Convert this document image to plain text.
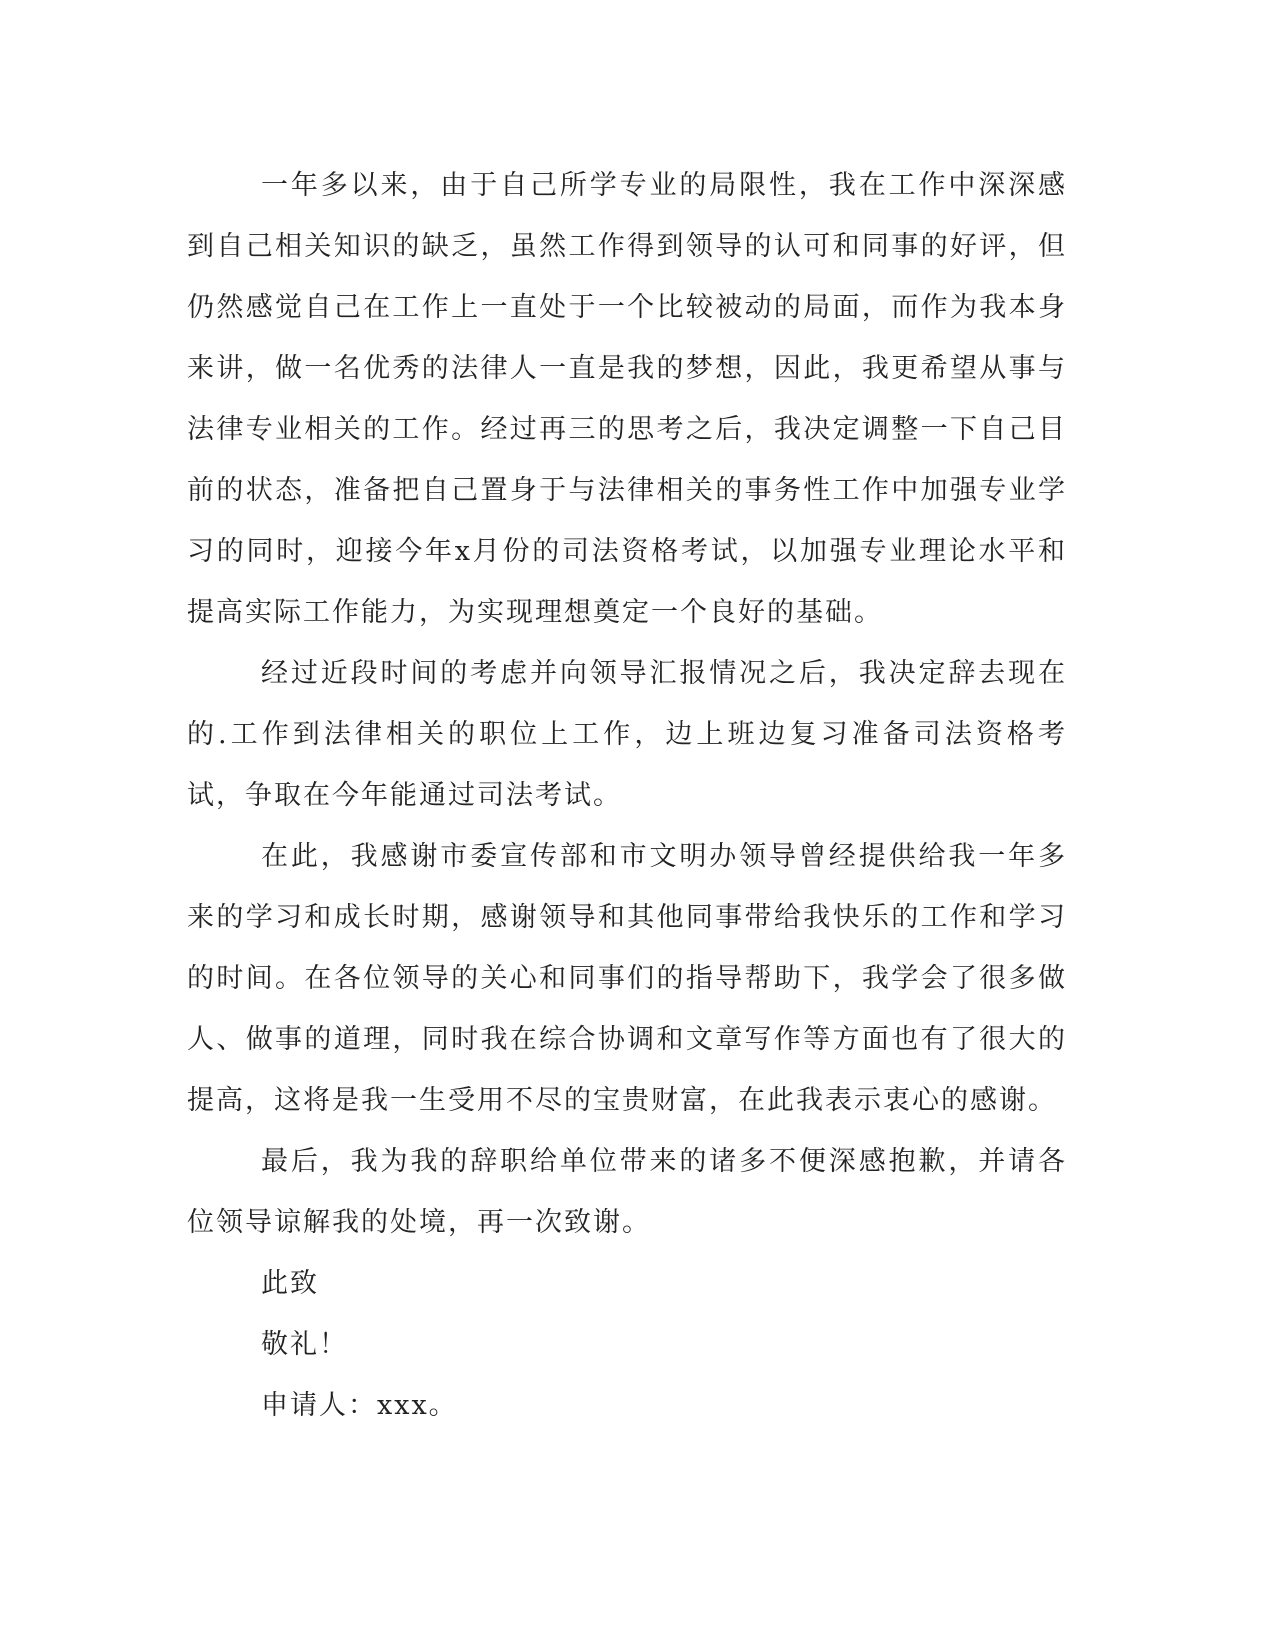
一年多以来，由于自己所学专业的局限性，我在工作中深深感到自己相关知识的缺乏，虽然工作得到领导的认可和同事的好评，但仍然感觉自己在工作上一直处于一个比较被动的局面，而作为我本身来讲，做一名优秀的法律人一直是我的梦想，因此，我更希望从事与法律专业相关的工作。经过再三的思考之后，我决定调整一下自己目前的状态，准备把自己置身于与法律相关的事务性工作中加强专业学习的同时，迎接今年x月份的司法资格考试，以加强专业理论水平和提高实际工作能力，为实现理想奠定一个良好的基础。

经过近段时间的考虑并向领导汇报情况之后，我决定辞去现在的.工作到法律相关的职位上工作，边上班边复习准备司法资格考试，争取在今年能通过司法考试。

在此，我感谢市委宣传部和市文明办领导曾经提供给我一年多来的学习和成长时期，感谢领导和其他同事带给我快乐的工作和学习的时间。在各位领导的关心和同事们的指导帮助下，我学会了很多做人、做事的道理，同时我在综合协调和文章写作等方面也有了很大的提高，这将是我一生受用不尽的宝贵财富，在此我表示衷心的感谢。

最后，我为我的辞职给单位带来的诸多不便深感抱歉，并请各位领导谅解我的处境，再一次致谢。

此致

敬礼！

申请人：xxx。
